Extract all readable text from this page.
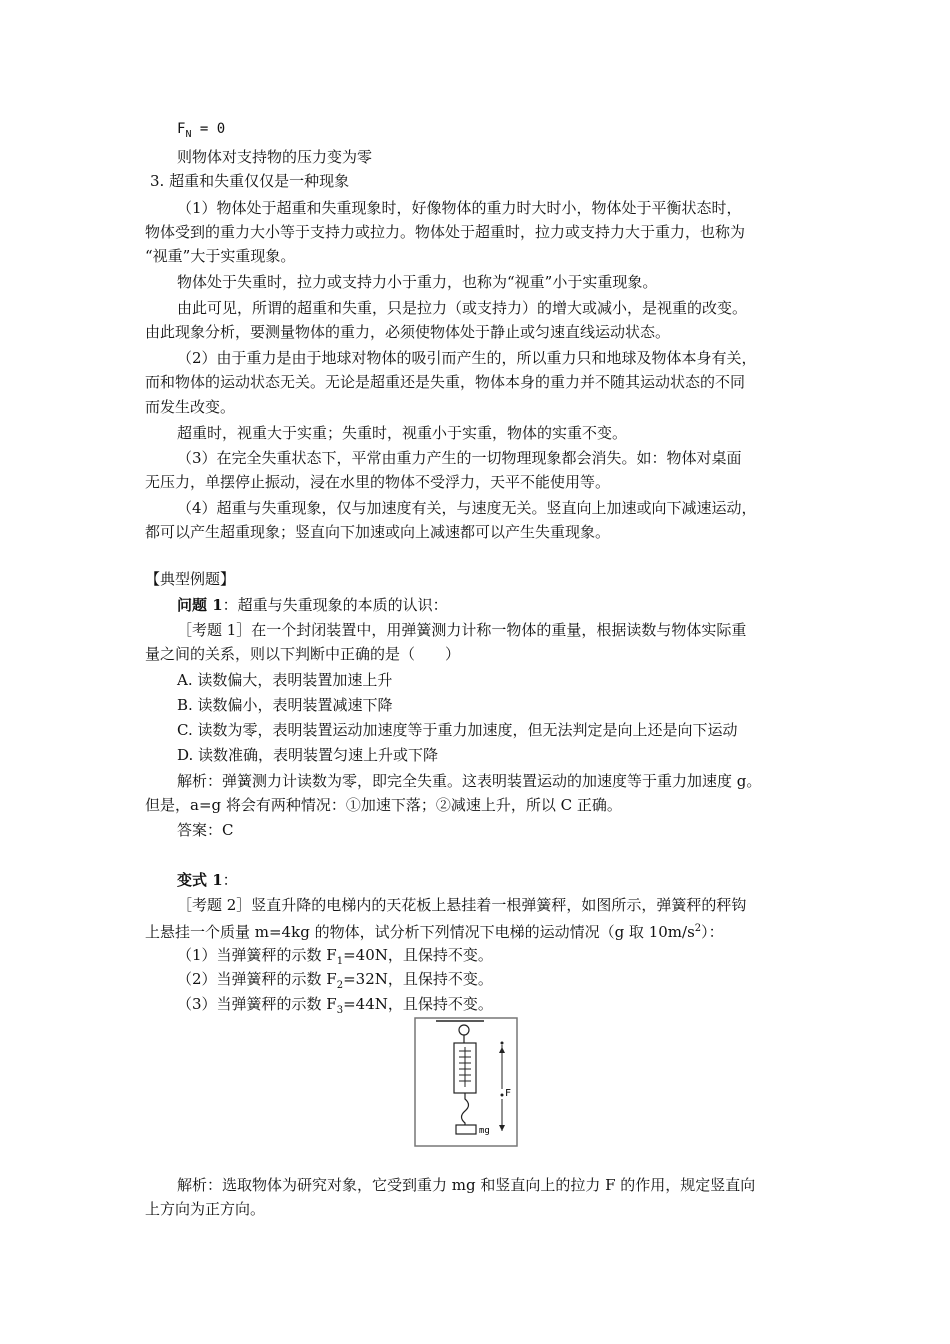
$F_N = 0$
则物体对支持物的压力变为零
3. 超重和失重仅仅是一种现象
（1）物体处于超重和失重现象时，好像物体的重力时大时小，物体处于平衡状态时，
物体受到的重力大小等于支持力或拉力。物体处于超重时，拉力或支持力大于重力，也称为
“视重”大于实重现象。
物体处于失重时，拉力或支持力小于重力，也称为“视重”小于实重现象。
由此可见，所谓的超重和失重，只是拉力（或支持力）的增大或减小，是视重的改变。
由此现象分析，要测量物体的重力，必须使物体处于静止或匀速直线运动状态。
（2）由于重力是由于地球对物体的吸引而产生的，所以重力只和地球及物体本身有关，
而和物体的运动状态无关。无论是超重还是失重，物体本身的重力并不随其运动状态的不同
而发生改变。
超重时，视重大于实重；失重时，视重小于实重，物体的实重不变。
（3）在完全失重状态下，平常由重力产生的一切物理现象都会消失。如：物体对桌面
无压力，单摆停止振动，浸在水里的物体不受浮力，天平不能使用等。
（4）超重与失重现象，仅与加速度有关，与速度无关。竖直向上加速或向下减速运动，
都可以产生超重现象；竖直向下加速或向上减速都可以产生失重现象。
【典型例题】
问题 1：超重与失重现象的本质的认识：
［考题 1］在一个封闭装置中，用弹簧测力计称一物体的重量，根据读数与物体实际重
量之间的关系，则以下判断中正确的是（　　）
A. 读数偏大，表明装置加速上升
B. 读数偏小，表明装置减速下降
C. 读数为零，表明装置运动加速度等于重力加速度，但无法判定是向上还是向下运动
D. 读数准确，表明装置匀速上升或下降
解析：弹簧测力计读数为零，即完全失重。这表明装置运动的加速度等于重力加速度 g。
但是，a=g 将会有两种情况：①加速下落；②减速上升，所以 C 正确。
答案：C
变式 1：
［考题 2］竖直升降的电梯内的天花板上悬挂着一根弹簧秤，如图所示，弹簧秤的秤钩
上悬挂一个质量 m=4kg 的物体，试分析下列情况下电梯的运动情况（g 取 $10m/s^2$）：
（1）当弹簧秤的示数 $F_1=40N$，且保持不变。
（2）当弹簧秤的示数 $F_2=32N$，且保持不变。
（3）当弹簧秤的示数 $F_3=44N$，且保持不变。
F
mg
解析：选取物体为研究对象，它受到重力 mg 和竖直向上的拉力 F 的作用，规定竖直向
上方向为正方向。
